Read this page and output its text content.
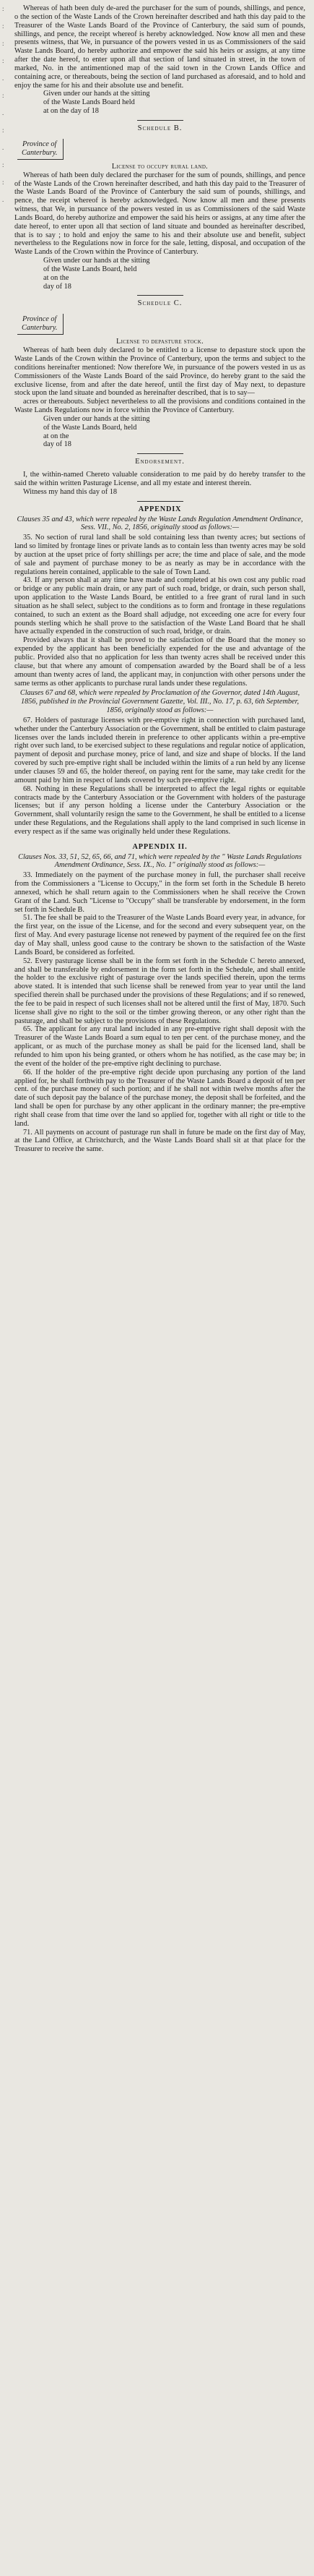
:
:
:
:
.
:
.
:
.
:
:
.

Whereas of hath been duly de-ared the purchaser for the sum of pounds, shillings, and pence, o the section of the Waste Lands of the Crown hereinafter described and hath this day paid to the Treasurer of the Waste Lands Board of the Province of Canterbury, the said sum of pounds, shillings, and pence, the receipt whereof is hereby acknowledged. Now know all men and these presents witness, that We, in pursuance of the powers vested in us as Commissioners of the said Waste Lands Board, do hereby authorize and empower the said his heirs or assigns, at any time after the date hereof, to enter upon all that section of land situated in street, in the town of marked, No. in the antimentioned map of the said town in the Crown Lands Office and containing acre, or thereabouts, being the section of land purchased as aforesaid, and to hold and enjoy the same for his and their absolute use and benefit.

Given under our hands at the sitting

of the Waste Lands Board held

at on the day of 18

Schedule B.
Province of
Canterbury.

License to occupy rural land.

Whereas of hath been duly declared the purchaser for the sum of pounds, shillings, and pence of the Waste Lands of the Crown hereinafter described, and hath this day paid to the Treasurer of the Waste Lands Board of the Province of Canterbury the said sum of pounds, shillings, and pence, the receipt whereof is hereby acknowledged. Now know all men and these presents witness, that We, in pursuance of the powers vested in us as Commissioners of the said Waste Lands Board, do hereby authorize and empower the said his heirs or assigns, at any time after the date hereof, to enter upon all that section of land situate and bounded as hereinafter described, that is to say ; to hold and enjoy the same to his and their absolute use and benefit, subject nevertheless to the Regulations now in force for the sale, letting, disposal, and occupation of the Waste Lands of the Crown within the Province of Canterbury.

Given under our hands at the sitting

of the Waste Lands Board, held

at on the

day of 18

Schedule C.
Province of
Canterbury.

License to depasture stock.

Whereas of hath been duly declared to be entitled to a license to depasture stock upon the Waste Lands of the Crown within the Province of Canterbury, upon the terms and subject to the conditions hereinafter mentioned: Now therefore We, in pursuance of the powers vested in us as Commissioners of the Waste Lands Board of the said Province, do hereby grant to the said the exclusive license, from and after the date hereof, until the first day of May next, to depasture stock upon the land situate and bounded as hereinafter described, that is to say—

acres or thereabouts. Subject nevertheless to all the provisions and conditions contained in the Waste Lands Regulations now in force within the Province of Canterbury.

Given under our hands at the sitting

of the Waste Lands Board, held

at on the

day of 18

Endorsement.

I, the within-named Chereto valuable consideration to me paid by do hereby transfer to the said the within written Pasturage License, and all my estate and interest therein.

Witness my hand this day of 18

APPENDIX

Clauses 35 and 43, which were repealed by the Waste Lands Regulation Amendment Ordinance, Sess. VII., No. 2, 1856, originally stood as follows:—

35. No section of rural land shall be sold containing less than twenty acres; but sections of land so limited by frontage lines or private lands as to contain less than twenty acres may be sold by auction at the upset price of forty shillings per acre; the time and place of sale, and the mode of sale and payment of purchase money to be as nearly as may be in accordance with the regulations herein contained, applicable to the sale of Town Land.

43. If any person shall at any time have made and completed at his own cost any public road or bridge or any public main drain, or any part of such road, bridge, or drain, such person shall, upon application to the Waste Lands Board, be entitled to a free grant of rural land in such situation as he shall select, subject to the conditions as to form and frontage in these regulations contained, to such an extent as the Board shall adjudge, not exceeding one acre for every four pounds sterling which he shall prove to the satisfaction of the Waste Land Board that he shall have actually expended in the construction of such road, bridge, or drain.

Provided always that it shall be proved to the satisfaction of the Board that the money so expended by the applicant has been beneficially expended for the use and advantage of the public. Provided also that no application for less than twenty acres shall be received under this clause, but that where any amount of compensation awarded by the Board shall be of a less amount than twenty acres of land, the applicant may, in conjunction with other persons under the same terms as other applicants to purchase rural lands under these regulations.

Clauses 67 and 68, which were repealed by Proclamation of the Governor, dated 14th August, 1856, published in the Provincial Government Gazette, Vol. III., No. 17, p. 63, 6th September, 1856, originally stood as follows:—

67. Holders of pasturage licenses with pre-emptive right in connection with purchased land, whether under the Canterbury Association or the Government, shall be entitled to claim pasturage licenses over the lands included therein in preference to other applicants within a pre-emptive right over such land, to be exercised subject to these regulations and regular notice of application, payment of deposit and purchase money, price of land, and size and shape of blocks. If the land covered by such pre-emptive right shall be included within the limits of a run held by any license under clauses 59 and 65, the holder thereof, on paying rent for the same, may take credit for the amount paid by him in respect of lands covered by such pre-emptive right.

68. Nothing in these Regulations shall be interpreted to affect the legal rights or equitable contracts made by the Canterbury Association or the Government with holders of the pasturage licenses; but if any person holding a license under the Canterbury Association or the Government, shall voluntarily resign the same to the Government, he shall be entitled to a license under these Regulations, and the Regulations shall apply to the land comprised in such license in every respect as if the same was originally held under these Regulations.

APPENDIX II.

Clauses Nos. 33, 51, 52, 65, 66, and 71, which were repealed by the " Waste Lands Regulations Amendment Ordinance, Sess. IX., No. 1" originally stood as follows:—

33. Immediately on the payment of the purchase money in full, the purchaser shall receive from the Commissioners a "License to Occupy," in the form set forth in the Schedule B hereto annexed, which he shall return again to the Commissioners when he shall receive the Crown Grant of the Land. Such "License to "Occupy" shall be transferable by endorsement, in the form set forth in Schedule B.

51. The fee shall be paid to the Treasurer of the Waste Lands Board every year, in advance, for the first year, on the issue of the License, and for the second and every subsequent year, on the first of May. And every pasturage license not renewed by payment of the required fee on the first day of May shall, unless good cause to the contrary be shown to the satisfaction of the Waste Lands Board, be considered as forfeited.

52. Every pasturage license shall be in the form set forth in the Schedule C hereto annexed, and shall be transferable by endorsement in the form set forth in the Schedule, and shall entitle the holder to the exclusive right of pasturage over the lands specified therein, upon the terms above stated. It is intended that such license shall be renewed from year to year until the land specified therein shall be purchased under the provisions of these Regulations; and if so renewed, the fee to be paid in respect of such licenses shall not be altered until the first of May, 1870. Such license shall give no right to the soil or the timber growing thereon, or any other right than the pasturage, and shall be subject to the provisions of these Regulations.

65. The applicant for any rural land included in any pre-emptive right shall deposit with the Treasurer of the Waste Lands Board a sum equal to ten per cent. of the purchase money, and the applicant, or as much of the purchase money as shall be paid for the licensed land, shall be refunded to him upon his being granted, or others whom he has notified, as the case may be; in the event of the holder of the pre-emptive right declining to purchase.

66. If the holder of the pre-emptive right decide upon purchasing any portion of the land applied for, he shall forthwith pay to the Treasurer of the Waste Lands Board a deposit of ten per cent. of the purchase money of such portion; and if he shall not within twelve months after the date of such deposit pay the balance of the purchase money, the deposit shall be forfeited, and the land shall be open for purchase by any other applicant in the ordinary manner; the pre-emptive right shall cease from that time over the land so applied for, together with all right or title to the land.

71. All payments on account of pasturage run shall in future be made on the first day of May, at the Land Office, at Christchurch, and the Waste Lands Board shall sit at that place for the Treasurer to receive the same.
